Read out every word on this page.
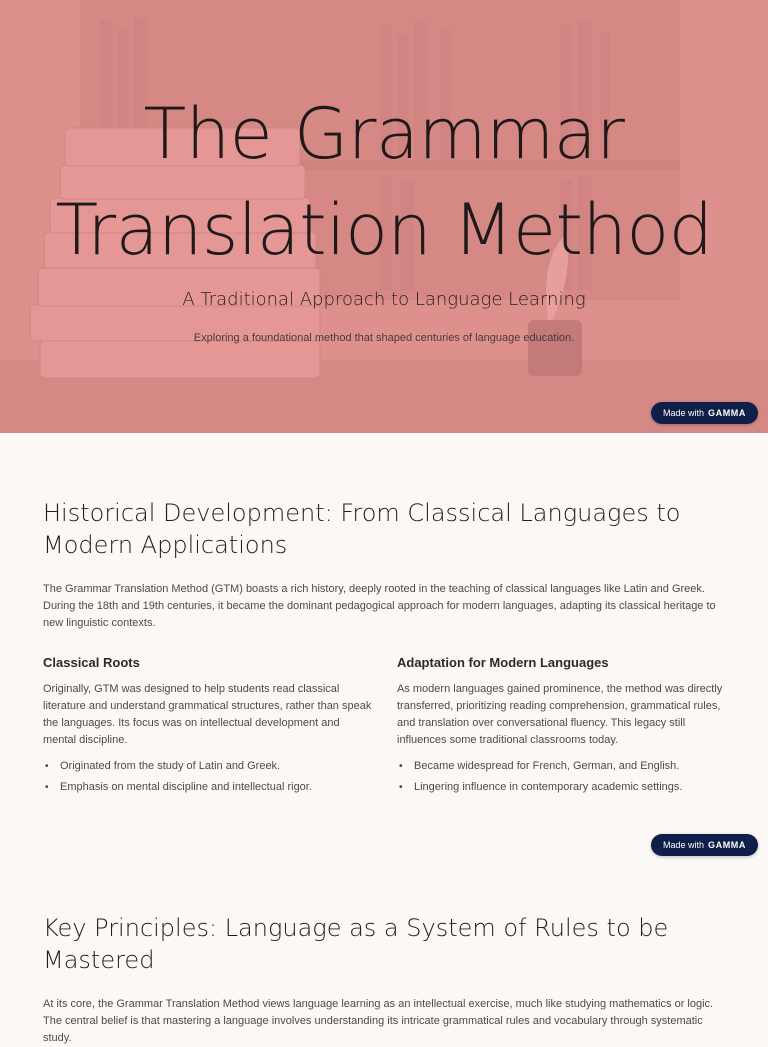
The Grammar
Translation Method
A Traditional Approach to Language Learning
Exploring a foundational method that shaped centuries of language education.
Made with GAMMA
Historical Development: From Classical Languages to
Modern Applications

The Grammar Translation Method (GTM) boasts a rich history, deeply rooted in the teaching of classical languages like Latin and Greek. During the 18th and 19th centuries, it became the dominant pedagogical approach for modern languages, adapting its classical heritage to new linguistic contexts.

Classical Roots

Originally, GTM was designed to help students read classical literature and understand grammatical structures, rather than speak the languages. Its focus was on intellectual development and mental discipline.

• Originated from the study of Latin and Greek.
• Emphasis on mental discipline and intellectual rigor.
Adaptation for Modern Languages

As modern languages gained prominence, the method was directly transferred, prioritizing reading comprehension, grammatical rules, and translation over conversational fluency. This legacy still influences some traditional classrooms today.

• Became widespread for French, German, and English.
• Lingering influence in contemporary academic settings.
Made with GAMMA
Key Principles: Language as a System of Rules to be
Mastered

At its core, the Grammar Translation Method views language learning as an intellectual exercise, much like studying mathematics or logic. The central belief is that mastering a language involves understanding its intricate grammatical rules and vocabulary through systematic study.
